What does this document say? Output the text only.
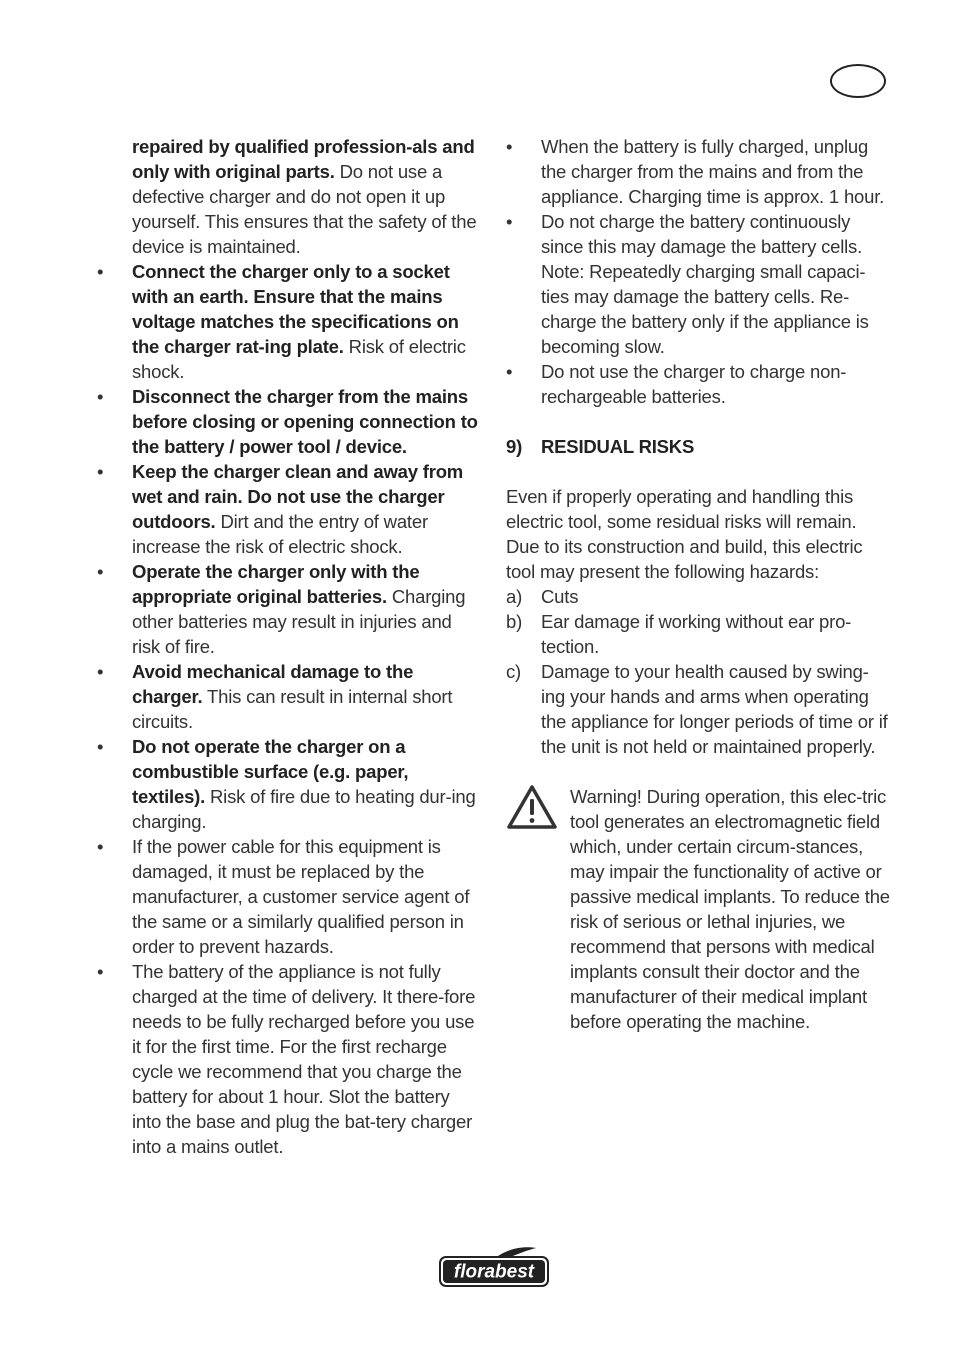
repaired by qualified profession-als and only with original parts. Do not use a defective charger and do not open it up yourself. This ensures that the safety of the device is maintained.

•	Connect the charger only to a socket with an earth. Ensure that the mains voltage matches the specifications on the charger rat-ing plate. Risk of electric shock.
•	Disconnect the charger from the mains before closing or opening connection to the battery / power tool / device.
•	Keep the charger clean and away from wet and rain. Do not use the charger outdoors. Dirt and the entry of water increase the risk of electric shock.
•	Operate the charger only with the appropriate original batteries. Charging other batteries may result in injuries and risk of fire.
•	Avoid mechanical damage to the charger. This can result in internal short circuits.
•	Do not operate the charger on a combustible surface (e.g. paper, textiles). Risk of fire due to heating dur-ing charging.
•	If the power cable for this equipment is damaged, it must be replaced by the manufacturer, a customer service agent of the same or a similarly qualified person in order to prevent hazards.
•	The battery of the appliance is not fully charged at the time of delivery. It there-fore needs to be fully recharged before you use it for the first time. For the first recharge cycle we recommend that you charge the battery for about 1 hour. Slot the battery into the base and plug the bat-tery charger into a mains outlet.
•	When the battery is fully charged, unplug the charger from the mains and from the appliance. Charging time is approx. 1 hour.
•	Do not charge the battery continuously since this may damage the battery cells. Note: Repeatedly charging small capaci-ties may damage the battery cells. Re-charge the battery only if the appliance is becoming slow.
•	Do not use the charger to charge non-rechargeable batteries.
9) RESIDUAL RISKS

Even if properly operating and handling this electric tool, some residual risks will remain. Due to its construction and build, this electric tool may present the following hazards:

a) Cuts
b) Ear damage if working without ear pro-tection.
c) Damage to your health caused by swing-ing your hands and arms when operating the appliance for longer periods of time or if the unit is not held or maintained properly.

Warning! During operation, this elec-tric tool generates an electromagnetic field which, under certain circum-stances, may impair the functionality of active or passive medical implants. To reduce the risk of serious or lethal injuries, we recommend that persons with medical implants consult their doctor and the manufacturer of their medical implant before operating the machine.

florabest
